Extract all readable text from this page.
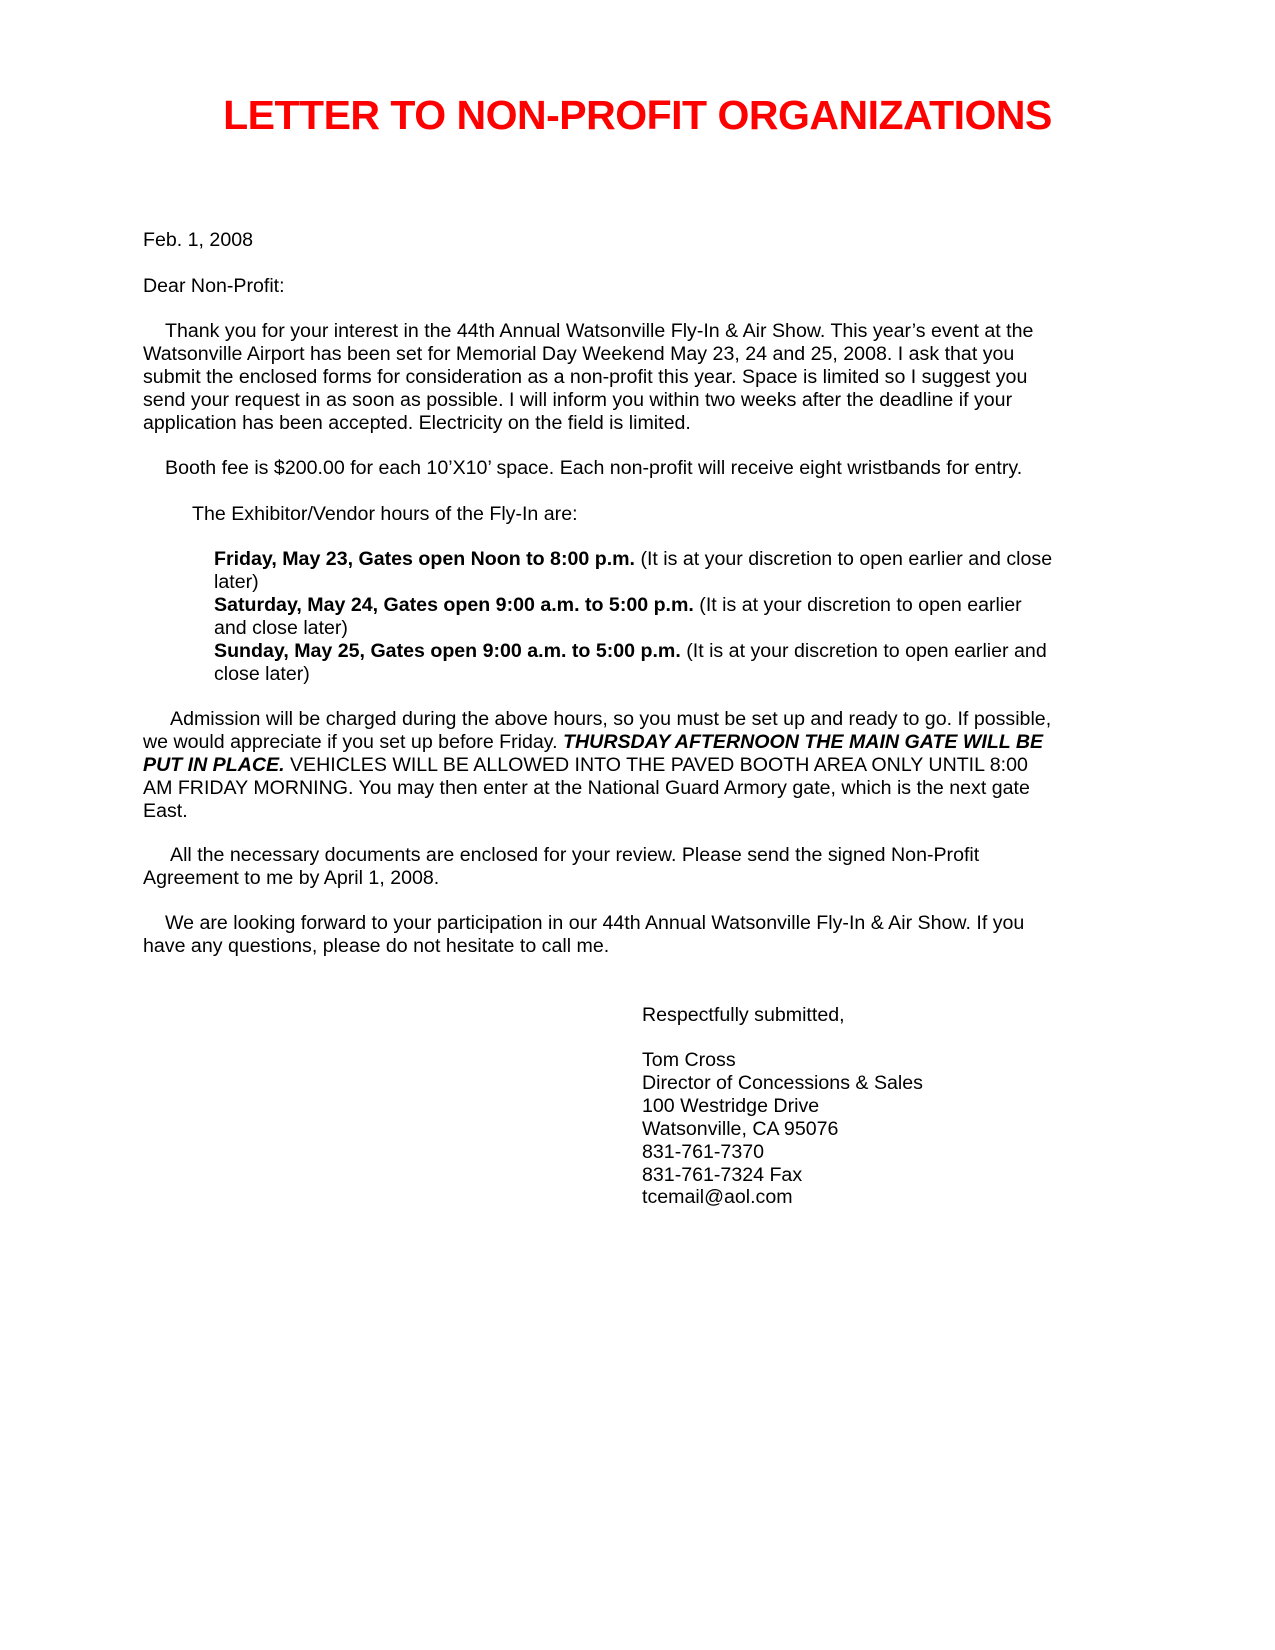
LETTER TO NON-PROFIT ORGANIZATIONS
Feb. 1, 2008
Dear Non-Profit:
Thank you for your interest in the 44th Annual Watsonville Fly-In & Air Show. This year’s event at the
Watsonville Airport has been set for Memorial Day Weekend May 23, 24 and 25, 2008. I ask that you
submit the enclosed forms for consideration as a non-profit this year. Space is limited so I suggest you
send your request in as soon as possible. I will inform you within two weeks after the deadline if your
application has been accepted. Electricity on the field is limited.
Booth fee is $200.00 for each 10’X10’ space. Each non-profit will receive eight wristbands for entry.
The Exhibitor/Vendor hours of the Fly-In are:
Friday, May 23, Gates open Noon to 8:00 p.m. (It is at your discretion to open earlier and close
later)
Saturday, May 24, Gates open 9:00 a.m. to 5:00 p.m. (It is at your discretion to open earlier
and close later)
Sunday, May 25, Gates open 9:00 a.m. to 5:00 p.m. (It is at your discretion to open earlier and
close later)
Admission will be charged during the above hours, so you must be set up and ready to go. If possible,
we would appreciate if you set up before Friday. THURSDAY AFTERNOON THE MAIN GATE WILL BE
PUT IN PLACE. VEHICLES WILL BE ALLOWED INTO THE PAVED BOOTH AREA ONLY UNTIL 8:00
AM FRIDAY MORNING. You may then enter at the National Guard Armory gate, which is the next gate
East.
All the necessary documents are enclosed for your review. Please send the signed Non-Profit
Agreement to me by April 1, 2008.
We are looking forward to your participation in our 44th Annual Watsonville Fly-In & Air Show. If you
have any questions, please do not hesitate to call me.
Respectfully submitted,
Tom Cross
Director of Concessions & Sales
100 Westridge Drive
Watsonville, CA 95076
831-761-7370
831-761-7324 Fax
tcemail@aol.com
